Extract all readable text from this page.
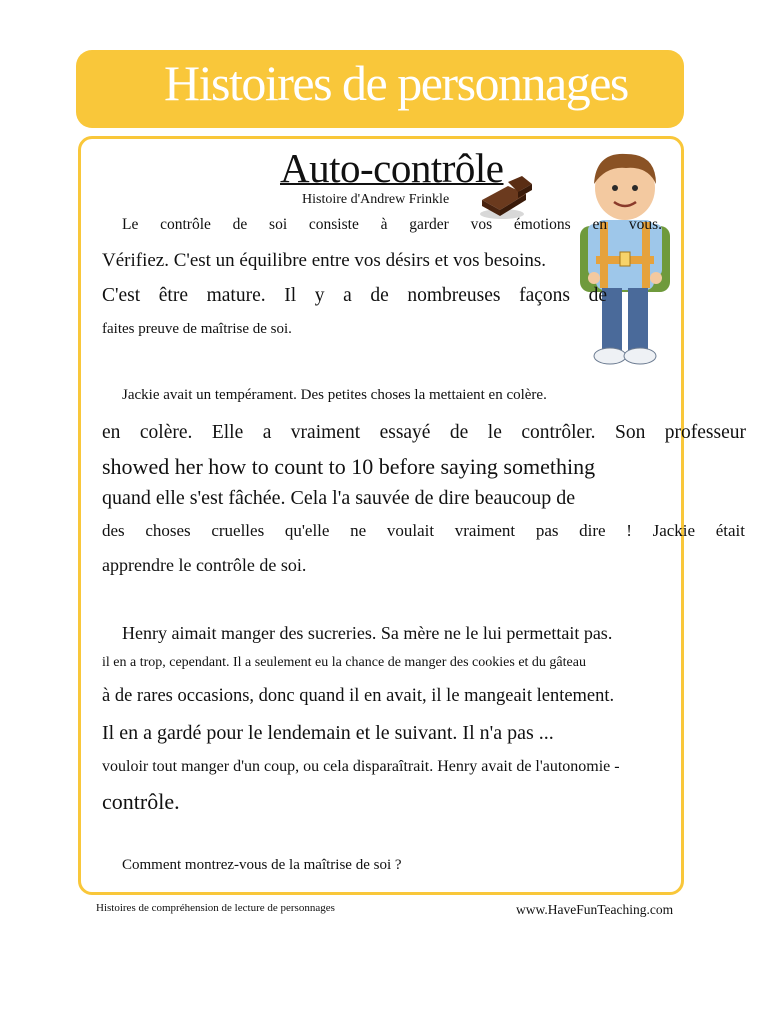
Histoires de personnages
Auto-contrôle
Histoire d'Andrew Frinkle
Le contrôle de soi consiste à garder vos émotions en vous.
Vérifiez. C'est un équilibre entre vos désirs et vos besoins.
C'est être mature. Il y a de nombreuses façons de
faites preuve de maîtrise de soi.
Jackie avait un tempérament. Des petites choses la mettaient en colère.
en colère. Elle a vraiment essayé de le contrôler. Son professeur
showed her how to count to 10 before saying something
quand elle s'est fâchée. Cela l'a sauvée de dire beaucoup de
des choses cruelles qu'elle ne voulait vraiment pas dire ! Jackie était
apprendre le contrôle de soi.
Henry aimait manger des sucreries. Sa mère ne le lui permettait pas.
il en a trop, cependant. Il a seulement eu la chance de manger des cookies et du gâteau
à de rares occasions, donc quand il en avait, il le mangeait lentement.
Il en a gardé pour le lendemain et le suivant. Il n'a pas ...
vouloir tout manger d'un coup, ou cela disparaîtrait. Henry avait de l'autonomie -
contrôle.
Comment montrez-vous de la maîtrise de soi ?
Histoires de compréhension de lecture de personnages	www.HaveFunTeaching.com
